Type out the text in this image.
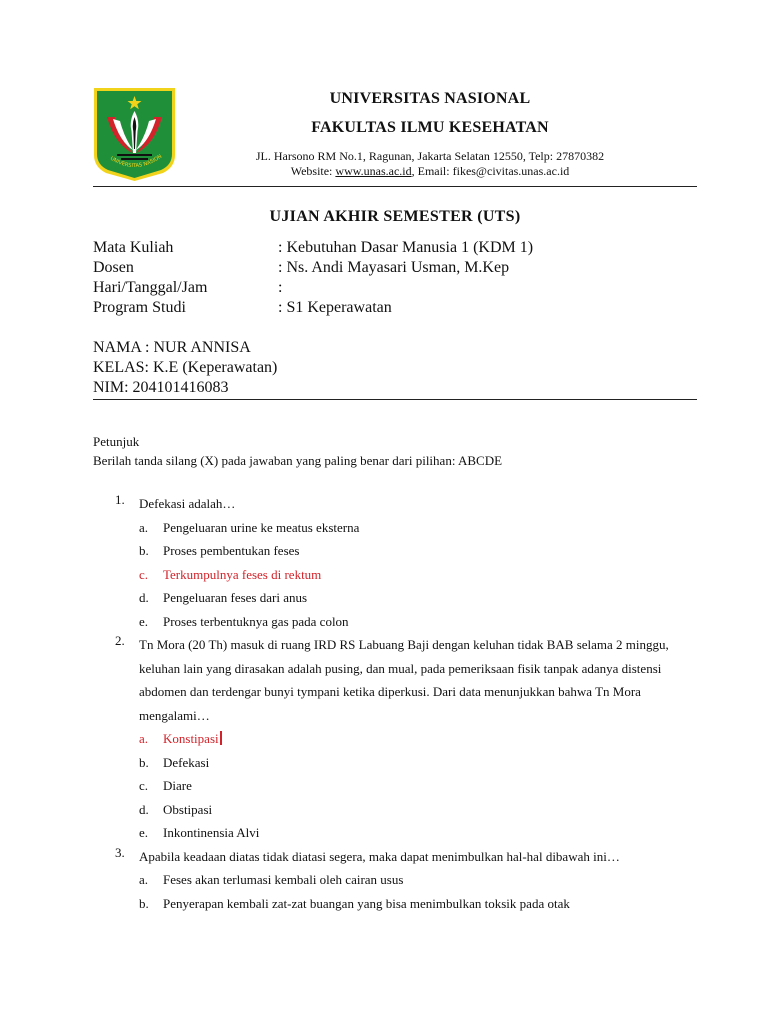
UNIVERSITAS NASION
UNIVERSITAS NASIONAL
FAKULTAS ILMU KESEHATAN
JL. Harsono RM No.1, Ragunan, Jakarta Selatan 12550, Telp: 27870382
Website: www.unas.ac.id, Email: fikes@civitas.unas.ac.id
UJIAN AKHIR SEMESTER (UTS)
Mata Kuliah	: Kebutuhan Dasar Manusia 1 (KDM 1)
Dosen	: Ns. Andi Mayasari Usman, M.Kep
Hari/Tanggal/Jam	:
Program Studi	: S1 Keperawatan
NAMA : NUR ANNISA
KELAS: K.E (Keperawatan)
NIM: 204101416083
Petunjuk
Berilah tanda silang (X) pada jawaban yang paling benar dari pilihan: ABCDE
1.	Defekasi adalah…
a. Pengeluaran urine ke meatus eksterna
b. Proses pembentukan feses
c. Terkumpulnya feses di rektum
d. Pengeluaran feses dari anus
e. Proses terbentuknya gas pada colon
2.	Tn Mora (20 Th) masuk di ruang IRD RS Labuang Baji dengan keluhan tidak BAB selama 2 minggu, keluhan lain yang dirasakan adalah pusing, dan mual, pada pemeriksaan fisik tanpak adanya distensi abdomen dan terdengar bunyi tympani ketika diperkusi. Dari data menunjukkan bahwa Tn Mora mengalami…
a. Konstipasi
b. Defekasi
c. Diare
d. Obstipasi
e. Inkontinensia Alvi
3.	Apabila keadaan diatas tidak diatasi segera, maka dapat menimbulkan hal-hal dibawah ini…
a. Feses akan terlumasi kembali oleh cairan usus
b. Penyerapan kembali zat-zat buangan yang bisa menimbulkan toksik pada otak
